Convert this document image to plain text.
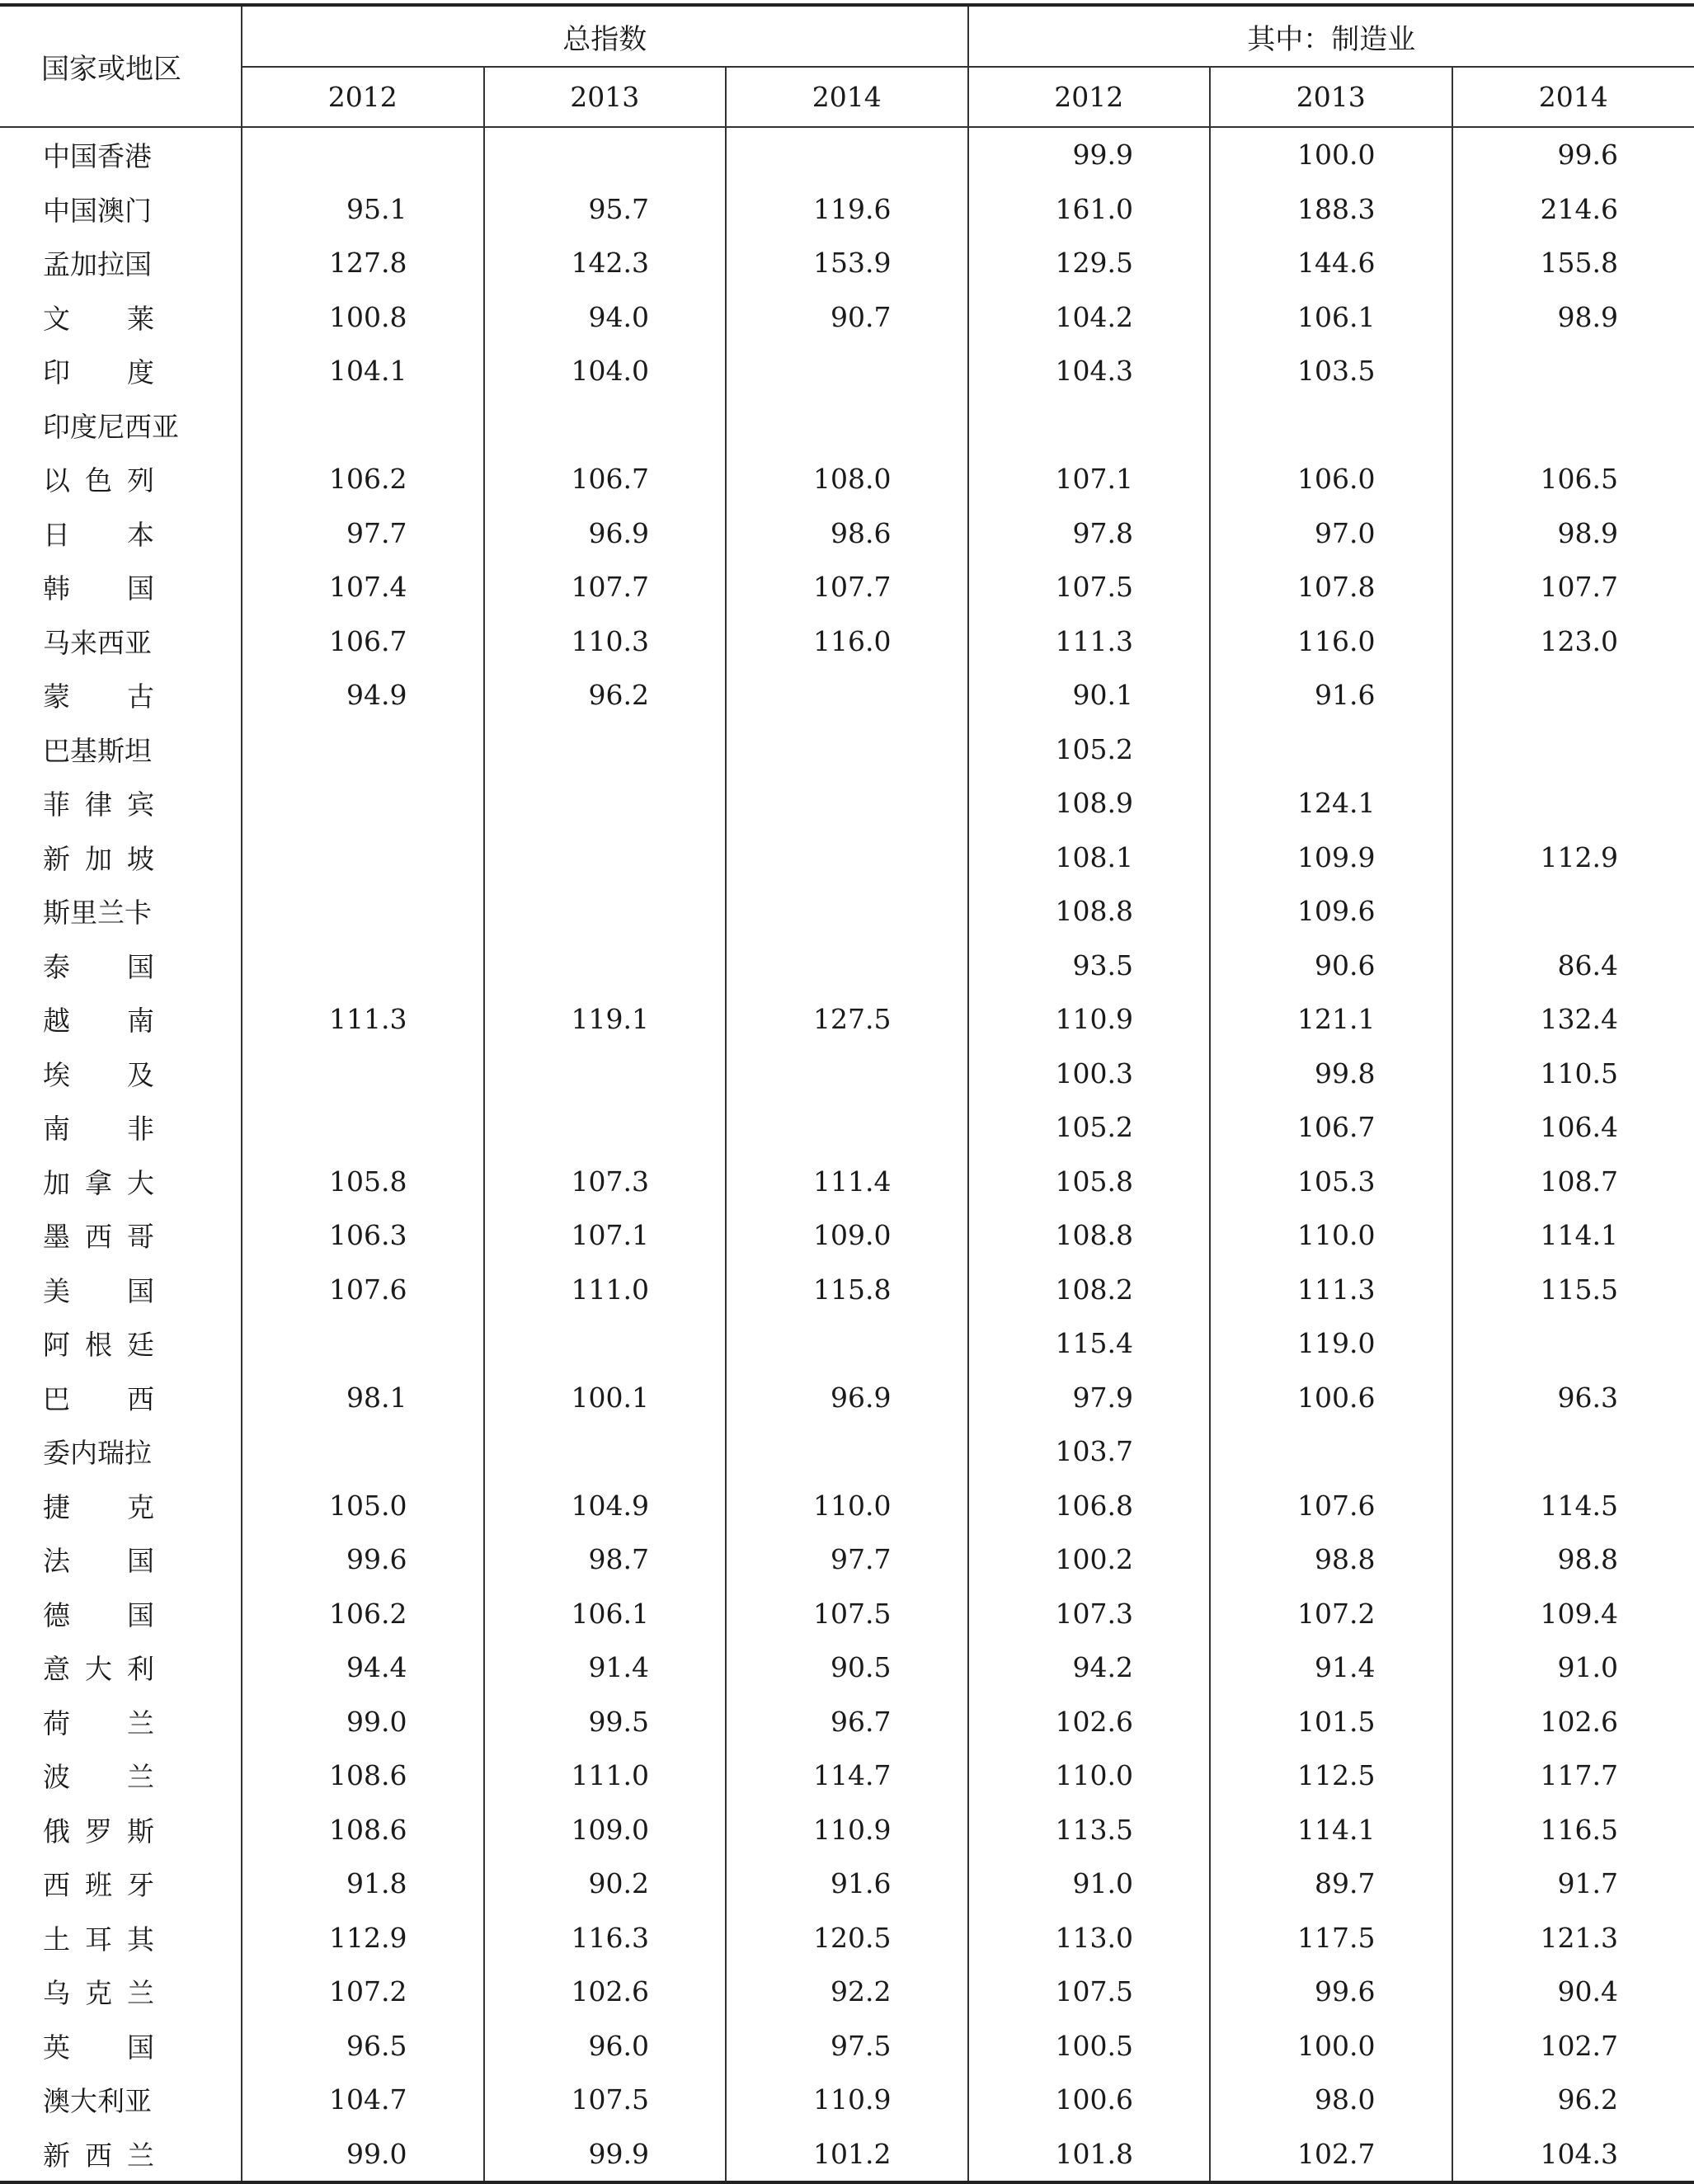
国家或地区	总指数			其中：制造业		
	2012	2013	2014	2012	2013	2014
中国香港				99.9	100.0	99.6
中国澳门	95.1	95.7	119.6	161.0	188.3	214.6
孟加拉国	127.8	142.3	153.9	129.5	144.6	155.8
文莱	100.8	94.0	90.7	104.2	106.1	98.9
印度	104.1	104.0		104.3	103.5	
印度尼西亚						
以色列	106.2	106.7	108.0	107.1	106.0	106.5
日本	97.7	96.9	98.6	97.8	97.0	98.9
韩国	107.4	107.7	107.7	107.5	107.8	107.7
马来西亚	106.7	110.3	116.0	111.3	116.0	123.0
蒙古	94.9	96.2		90.1	91.6	
巴基斯坦				105.2		
菲律宾				108.9	124.1	
新加坡				108.1	109.9	112.9
斯里兰卡				108.8	109.6	
泰国				93.5	90.6	86.4
越南	111.3	119.1	127.5	110.9	121.1	132.4
埃及				100.3	99.8	110.5
南非				105.2	106.7	106.4
加拿大	105.8	107.3	111.4	105.8	105.3	108.7
墨西哥	106.3	107.1	109.0	108.8	110.0	114.1
美国	107.6	111.0	115.8	108.2	111.3	115.5
阿根廷				115.4	119.0	
巴西	98.1	100.1	96.9	97.9	100.6	96.3
委内瑞拉				103.7		
捷克	105.0	104.9	110.0	106.8	107.6	114.5
法国	99.6	98.7	97.7	100.2	98.8	98.8
德国	106.2	106.1	107.5	107.3	107.2	109.4
意大利	94.4	91.4	90.5	94.2	91.4	91.0
荷兰	99.0	99.5	96.7	102.6	101.5	102.6
波兰	108.6	111.0	114.7	110.0	112.5	117.7
俄罗斯	108.6	109.0	110.9	113.5	114.1	116.5
西班牙	91.8	90.2	91.6	91.0	89.7	91.7
土耳其	112.9	116.3	120.5	113.0	117.5	121.3
乌克兰	107.2	102.6	92.2	107.5	99.6	90.4
英国	96.5	96.0	97.5	100.5	100.0	102.7
澳大利亚	104.7	107.5	110.9	100.6	98.0	96.2
新西兰	99.0	99.9	101.2	101.8	102.7	104.3
